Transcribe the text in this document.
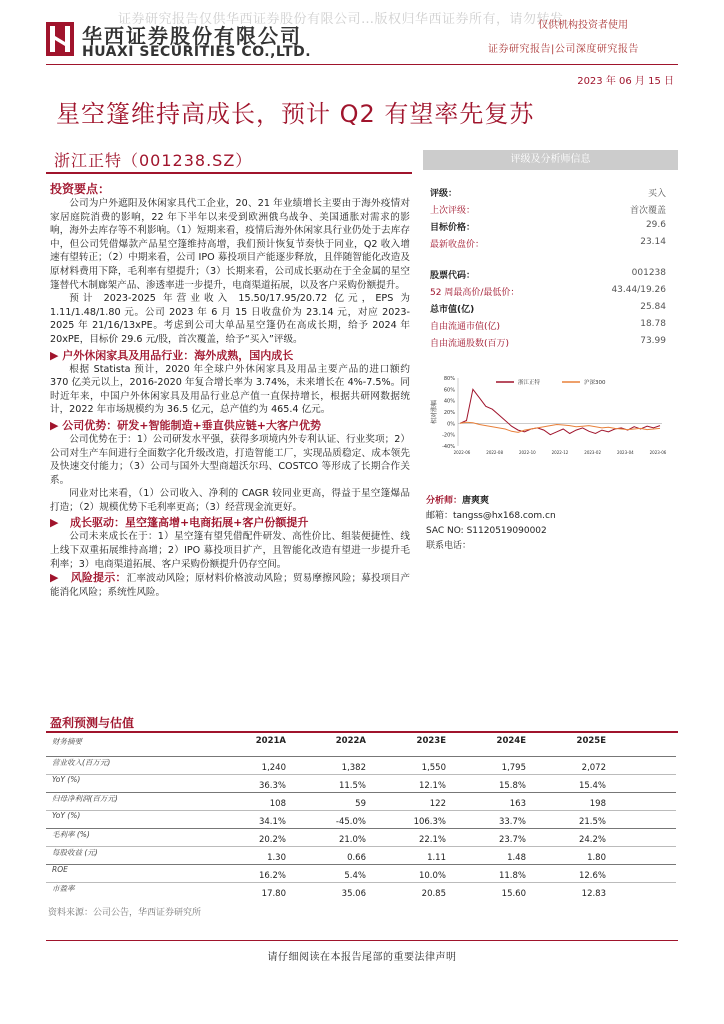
证券研究报告仅供华西证券股份有限公司…版权归华西证券所有，请勿转发。
华西证券股份有限公司
HUAXI SECURITIES CO.,LTD.
仅供机构投资者使用
证券研究报告|公司深度研究报告
2023 年 06 月 15 日
星空篷维持高成长，预计 Q2 有望率先复苏
浙江正特（001238.SZ）	评级及分析师信息
投资要点：
公司为户外遮阳及休闲家具代工企业，20、21 年业绩增长主要由于海外疫情对家居庭院消费的影响，22 年下半年以来受到欧洲俄乌战争、美国通胀对需求的影响，海外去库存等不利影响。（1）短期来看，疫情后海外休闲家具行业仍处于去库存中，但公司凭借爆款产品星空篷维持高增，我们预计恢复节奏快于同业，Q2 收入增速有望转正；（2）中期来看，公司 IPO 募投项目产能逐步释放，且伴随智能化改造及原材料费用下降，毛利率有望提升；（3）长期来看，公司成长驱动在于全金属的星空篷替代木制廊架产品、渗透率进一步提升，电商渠道拓展，以及客户采购份额提升。
预计 2023-2025 年营业收入 15.50/17.95/20.72 亿元，EPS 为 1.11/1.48/1.80 元。公司 2023 年 6 月 15 日收盘价为 23.14 元，对应 2023-2025 年 21/16/13xPE。考虑到公司大单品星空篷仍在高成长期，给予 2024 年 20xPE，目标价 29.6 元/股，首次覆盖，给予“买入”评级。
▶ 户外休闲家具及用品行业：海外成熟，国内成长
根据 Statista 预计，2020 年全球户外休闲家具及用品主要产品的进口额约 370 亿美元以上，2016-2020 年复合增长率为 3.74%，未来增长在 4%-7.5%。同时近年来，中国户外休闲家具及用品行业总产值一直保持增长，根据共研网数据统计，2022 年市场规模约为 36.5 亿元，总产值约为 465.4 亿元。
▶ 公司优势：研发+智能制造+垂直供应链+大客户优势
公司优势在于：1）公司研发水平强，获得多项境内外专利认证、行业奖项；2）公司对生产车间进行全面数字化升级改造，打造智能工厂，实现品质稳定、成本领先及快速交付能力；（3）公司与国外大型商超沃尔玛、COSTCO 等形成了长期合作关系。
同业对比来看，（1）公司收入、净利的 CAGR 较同业更高，得益于星空篷爆品打造；（2）规模优势下毛利率更高；（3）经营现金流更好。
▶   成长驱动：星空篷高增+电商拓展+客户份额提升
公司未来成长在于：1）星空篷有望凭借配件研发、高性价比、组装便捷性、线上线下双重拓展维持高增；2）IPO 募投项目扩产，且智能化改造有望进一步提升毛利率；3）电商渠道拓展、客户采购份额提升仍存空间。
▶   风险提示：汇率波动风险；原材料价格波动风险；贸易摩擦风险；募投项目产能消化风险；系统性风险。
评级：	买入
上次评级：	首次覆盖
目标价格：	29.6
最新收盘价：	23.14
股票代码：	001238
52 周最高价/最低价：	43.44/19.26
总市值(亿)	25.84
自由流通市值(亿)	18.78
自由流通股数(百万)	73.99
相对涨幅
80%
60%
40%
20%
0%
-20%
-40%
2022-06	2022-08	2022-10	2022-12	2023-02	2023-04	2023-06
浙江正特	沪深300
分析师：唐爽爽
邮箱：tangss@hx168.com.cn
SAC NO: S1120519090002
联系电话：
盈利预测与估值
财务摘要	2021A	2022A	2023E	2024E	2025E
营业收入(百万元)
1,240	1,382	1,550	1,795	2,072
YoY (%)
36.3%	11.5%	12.1%	15.8%	15.4%
归母净利润(百万元)
108	59	122	163	198
YoY (%)
34.1%	-45.0%	106.3%	33.7%	21.5%
毛利率 (%)
20.2%	21.0%	22.1%	23.7%	24.2%
每股收益 (元)
1.30	0.66	1.11	1.48	1.80
ROE
16.2%	5.4%	10.0%	11.8%	12.6%
市盈率
17.80	35.06	20.85	15.60	12.83
资料来源：公司公告，华西证券研究所
请仔细阅读在本报告尾部的重要法律声明
